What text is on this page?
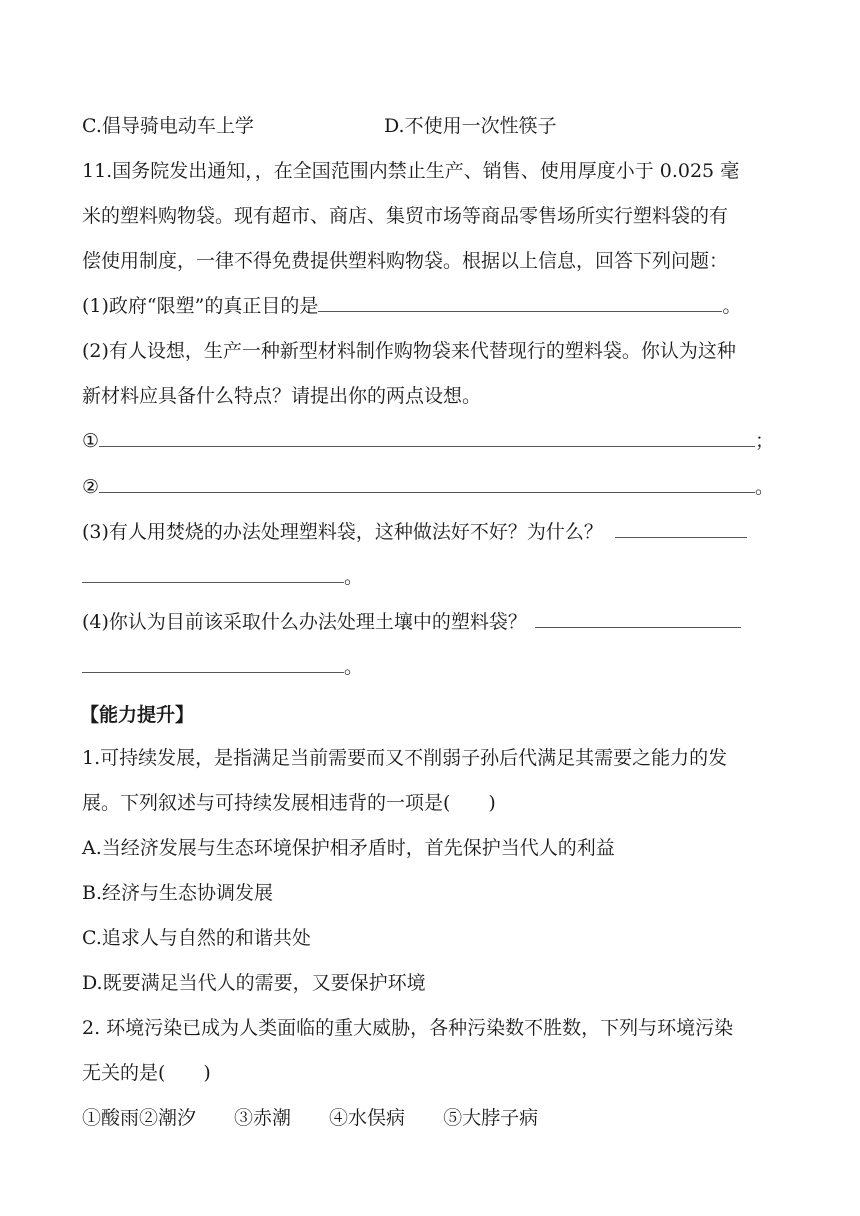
C.倡导骑电动车上学	D.不使用一次性筷子
11.国务院发出通知，，在全国范围内禁止生产、销售、使用厚度小于 0.025 毫
米的塑料购物袋。现有超市、商店、集贸市场等商品零售场所实行塑料袋的有
偿使用制度，一律不得免费提供塑料购物袋。根据以上信息，回答下列问题：
(1)政府“限塑”的真正目的是	。
(2)有人设想，生产一种新型材料制作购物袋来代替现行的塑料袋。你认为这种
新材料应具备什么特点？请提出你的两点设想。
①	；
②	。
(3)有人用焚烧的办法处理塑料袋，这种做法好不好？为什么？
。
(4)你认为目前该采取什么办法处理土壤中的塑料袋？
。
【能力提升】
1.可持续发展，是指满足当前需要而又不削弱子孙后代满足其需要之能力的发
展。下列叙述与可持续发展相违背的一项是(　　)
A.当经济发展与生态环境保护相矛盾时，首先保护当代人的利益
B.经济与生态协调发展
C.追求人与自然的和谐共处
D.既要满足当代人的需要，又要保护环境
2. 环境污染已成为人类面临的重大威胁，各种污染数不胜数，下列与环境污染
无关的是(　　)
①酸雨②潮汐 ③赤潮 ④水俣病 ⑤大脖子病
